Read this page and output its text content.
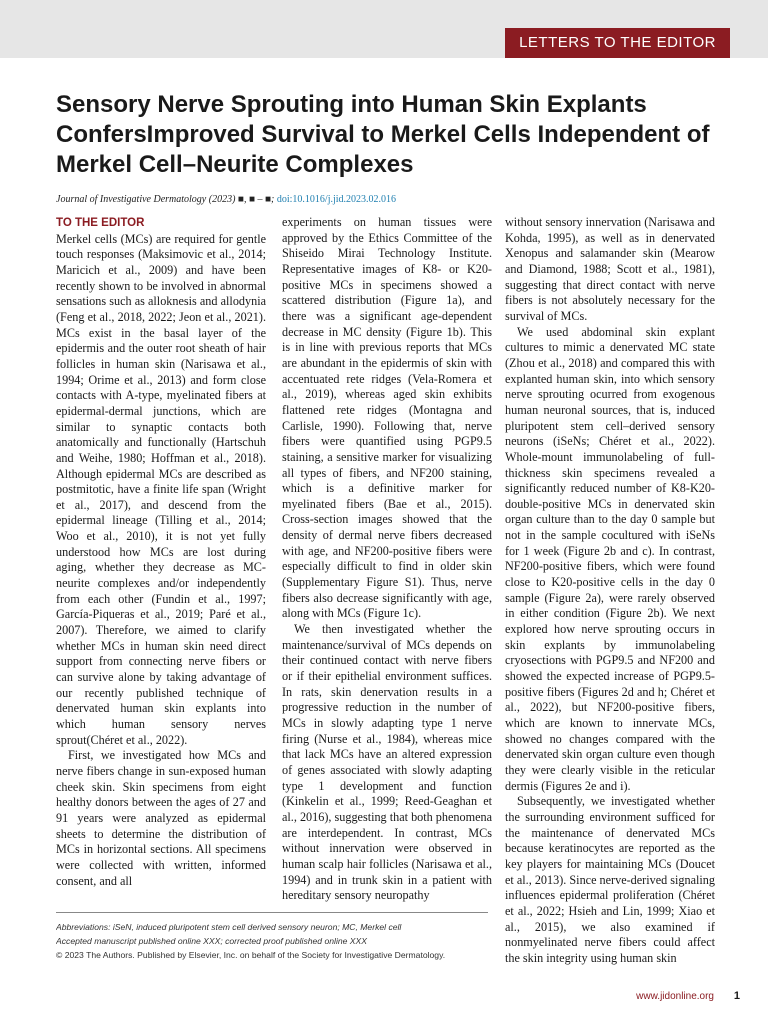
LETTERS TO THE EDITOR
Sensory Nerve Sprouting into Human Skin Explants ConfersImproved Survival to Merkel Cells Independent of Merkel Cell–Neurite Complexes
Journal of Investigative Dermatology (2023) ■, ■ – ■; doi:10.1016/j.jid.2023.02.016

TO THE EDITOR

Merkel cells (MCs) are required for gentle touch responses (Maksimovic et al., 2014; Maricich et al., 2009) and have been recently shown to be involved in abnormal sensations such as alloknesis and allodynia (Feng et al., 2018, 2022; Jeon et al., 2021). MCs exist in the basal layer of the epidermis and the outer root sheath of hair follicles in human skin (Narisawa et al., 1994; Orime et al., 2013) and form close contacts with A-type, myelinated fibers at epidermal-dermal junctions, which are similar to synaptic contacts both anatomically and functionally (Hartschuh and Weihe, 1980; Hoffman et al., 2018). Although epidermal MCs are described as postmitotic, have a finite life span (Wright et al., 2017), and descend from the epidermal lineage (Tilling et al., 2014; Woo et al., 2010), it is not yet fully understood how MCs are lost during aging, whether they decrease as MC-neurite complexes and/or independently from each other (Fundin et al., 1997; García-Piqueras et al., 2019; Paré et al., 2007). Therefore, we aimed to clarify whether MCs in human skin need direct support from connecting nerve fibers or can survive alone by taking advantage of our recently published technique of denervated human skin explants into which human sensory nerves sprout(Chéret et al., 2022).

First, we investigated how MCs and nerve fibers change in sun-exposed human cheek skin. Skin specimens from eight healthy donors between the ages of 27 and 91 years were analyzed as epidermal sheets to determine the distribution of MCs in horizontal sections. All specimens were collected with written, informed consent, and all

experiments on human tissues were approved by the Ethics Committee of the Shiseido Mirai Technology Institute. Representative images of K8- or K20-positive MCs in specimens showed a scattered distribution (Figure 1a), and there was a significant age-dependent decrease in MC density (Figure 1b). This is in line with previous reports that MCs are abundant in the epidermis of skin with accentuated rete ridges (Vela-Romera et al., 2019), whereas aged skin exhibits flattened rete ridges (Montagna and Carlisle, 1990). Following that, nerve fibers were quantified using PGP9.5 staining, a sensitive marker for visualizing all types of fibers, and NF200 staining, which is a definitive marker for myelinated fibers (Bae et al., 2015). Cross-section images showed that the density of dermal nerve fibers decreased with age, and NF200-positive fibers were especially difficult to find in older skin (Supplementary Figure S1). Thus, nerve fibers also decrease significantly with age, along with MCs (Figure 1c).

We then investigated whether the maintenance/survival of MCs depends on their continued contact with nerve fibers or if their epithelial environment suffices. In rats, skin denervation results in a progressive reduction in the number of MCs in slowly adapting type 1 nerve firing (Nurse et al., 1984), whereas mice that lack MCs have an altered expression of genes associated with slowly adapting type 1 development and function (Kinkelin et al., 1999; Reed-Geaghan et al., 2016), suggesting that both phenomena are interdependent. In contrast, MCs without innervation were observed in human scalp hair follicles (Narisawa et al., 1994) and in trunk skin in a patient with hereditary sensory neuropathy

without sensory innervation (Narisawa and Kohda, 1995), as well as in denervated Xenopus and salamander skin (Mearow and Diamond, 1988; Scott et al., 1981), suggesting that direct contact with nerve fibers is not absolutely necessary for the survival of MCs.

We used abdominal skin explant cultures to mimic a denervated MC state (Zhou et al., 2018) and compared this with explanted human skin, into which sensory nerve sprouting ocurred from exogenous human neuronal sources, that is, induced pluripotent stem cell–derived sensory neurons (iSeNs; Chéret et al., 2022). Whole-mount immunolabeling of full-thickness skin specimens revealed a significantly reduced number of K8-K20-double-positive MCs in denervated skin organ culture than to the day 0 sample but not in the sample cocultured with iSeNs for 1 week (Figure 2b and c). In contrast, NF200-positive fibers, which were found close to K20-positive cells in the day 0 sample (Figure 2a), were rarely observed in either condition (Figure 2b). We next explored how nerve sprouting occurs in skin explants by immunolabeling cryosections with PGP9.5 and NF200 and showed the expected increase of PGP9.5-positive fibers (Figures 2d and h; Chéret et al., 2022), but NF200-positive fibers, which are known to innervate MCs, showed no changes compared with the denervated skin organ culture even though they were clearly visible in the reticular dermis (Figures 2e and i).

Subsequently, we investigated whether the surrounding environment sufficed for the maintenance of denervated MCs because keratinocytes are reported as the key players for maintaining MCs (Doucet et al., 2013). Since nerve-derived signaling influences epidermal proliferation (Chéret et al., 2022; Hsieh and Lin, 1999; Xiao et al., 2015), we also examined if nonmyelinated nerve fibers could affect the skin integrity using human skin

Abbreviations: iSeN, induced pluripotent stem cell derived sensory neuron; MC, Merkel cell
Accepted manuscript published online XXX; corrected proof published online XXX
© 2023 The Authors. Published by Elsevier, Inc. on behalf of the Society for Investigative Dermatology.
www.jidonline.org 1
